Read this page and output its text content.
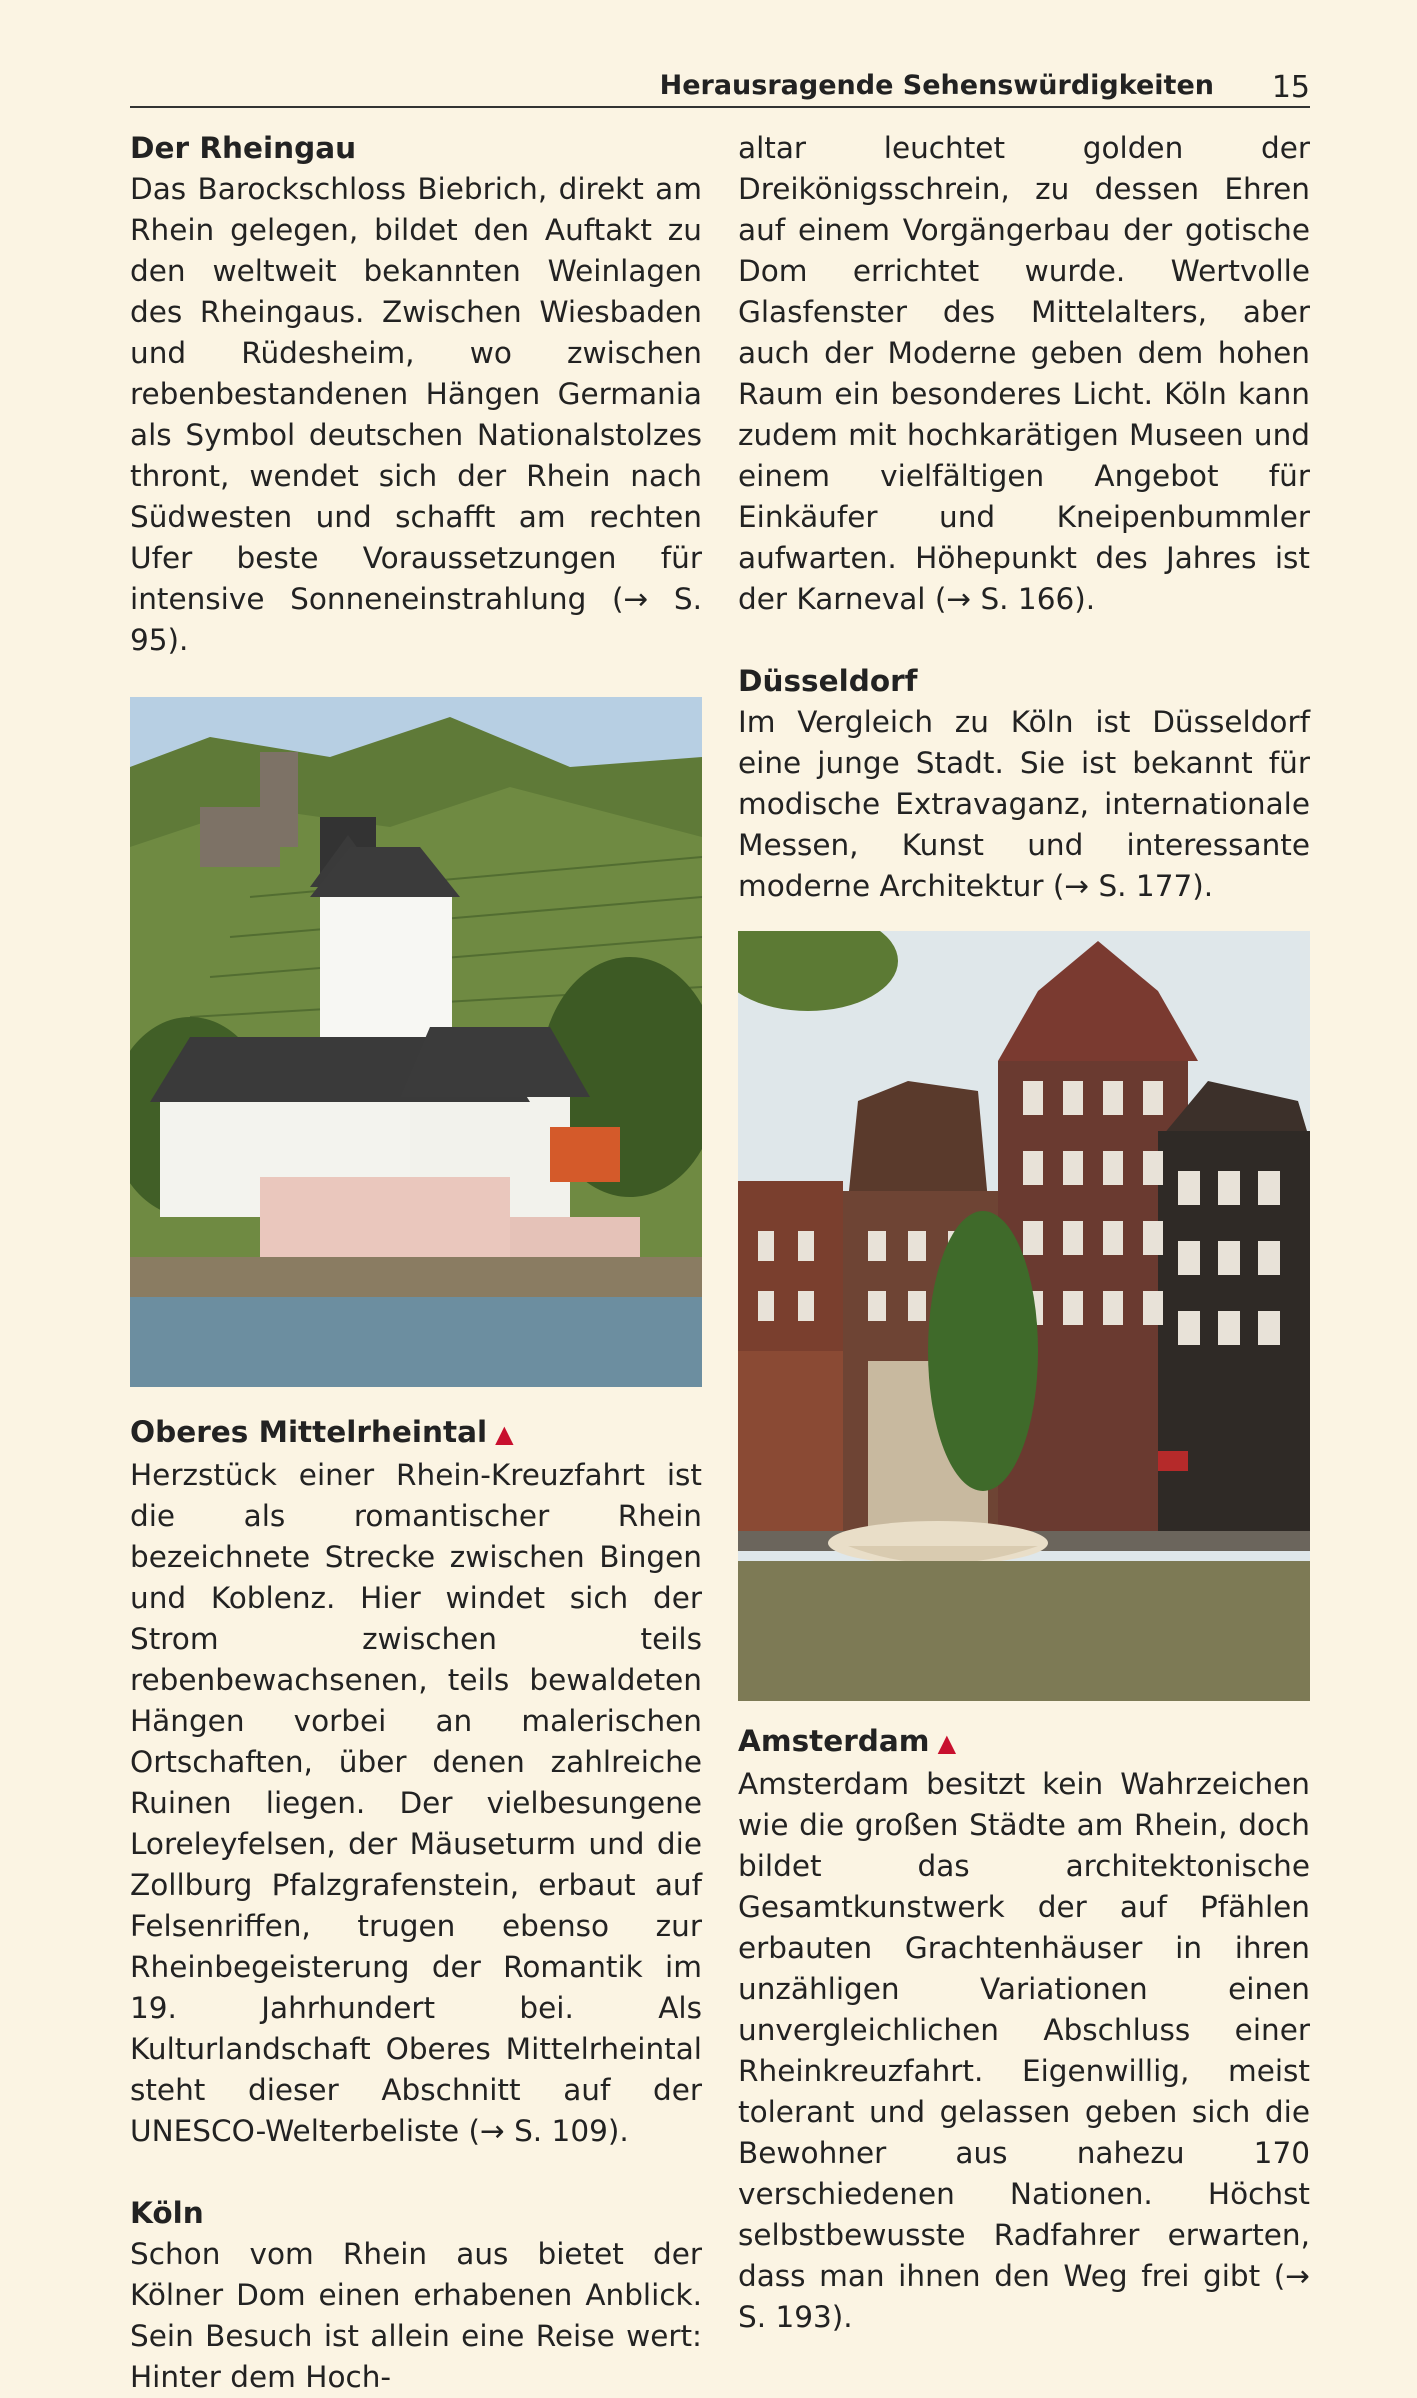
Herausragende Sehenswürdigkeiten 15
Der Rheingau

Das Barockschloss Biebrich, direkt am Rhein gelegen, bildet den Auftakt zu den weltweit bekannten Weinlagen des Rheingaus. Zwischen Wiesbaden und Rüdesheim, wo zwischen rebenbestandenen Hängen Germania als Symbol deutschen Nationalstolzes thront, wendet sich der Rhein nach Südwesten und schafft am rechten Ufer beste Voraussetzungen für intensive Sonneneinstrahlung (→ S. 95).

Oberes Mittelrheintal ▲

Herzstück einer Rhein-Kreuzfahrt ist die als romantischer Rhein bezeichnete Strecke zwischen Bingen und Koblenz. Hier windet sich der Strom zwischen teils rebenbewachsenen, teils bewaldeten Hängen vorbei an malerischen Ortschaften, über denen zahlreiche Ruinen liegen. Der vielbesungene Loreleyfelsen, der Mäuseturm und die Zollburg Pfalzgrafenstein, erbaut auf Felsenriffen, trugen ebenso zur Rheinbegeisterung der Romantik im 19. Jahrhundert bei. Als Kulturlandschaft Oberes Mittelrheintal steht dieser Abschnitt auf der UNESCO-Welterbeliste (→ S. 109).

Köln

Schon vom Rhein aus bietet der Kölner Dom einen erhabenen Anblick. Sein Besuch ist allein eine Reise wert: Hinter dem Hoch-

altar leuchtet golden der Dreikönigsschrein, zu dessen Ehren auf einem Vorgängerbau der gotische Dom errichtet wurde. Wertvolle Glasfenster des Mittelalters, aber auch der Moderne geben dem hohen Raum ein besonderes Licht. Köln kann zudem mit hochkarätigen Museen und einem vielfältigen Angebot für Einkäufer und Kneipenbummler aufwarten. Höhepunkt des Jahres ist der Karneval (→ S. 166).

Düsseldorf

Im Vergleich zu Köln ist Düsseldorf eine junge Stadt. Sie ist bekannt für modische Extravaganz, internationale Messen, Kunst und interessante moderne Architektur (→ S. 177).

Amsterdam ▲

Amsterdam besitzt kein Wahrzeichen wie die großen Städte am Rhein, doch bildet das architektonische Gesamtkunstwerk der auf Pfählen erbauten Grachtenhäuser in ihren unzähligen Variationen einen unvergleichlichen Abschluss einer Rheinkreuzfahrt. Eigenwillig, meist tolerant und gelassen geben sich die Bewohner aus nahezu 170 verschiedenen Nationen. Höchst selbstbewusste Radfahrer erwarten, dass man ihnen den Weg frei gibt (→ S. 193).
